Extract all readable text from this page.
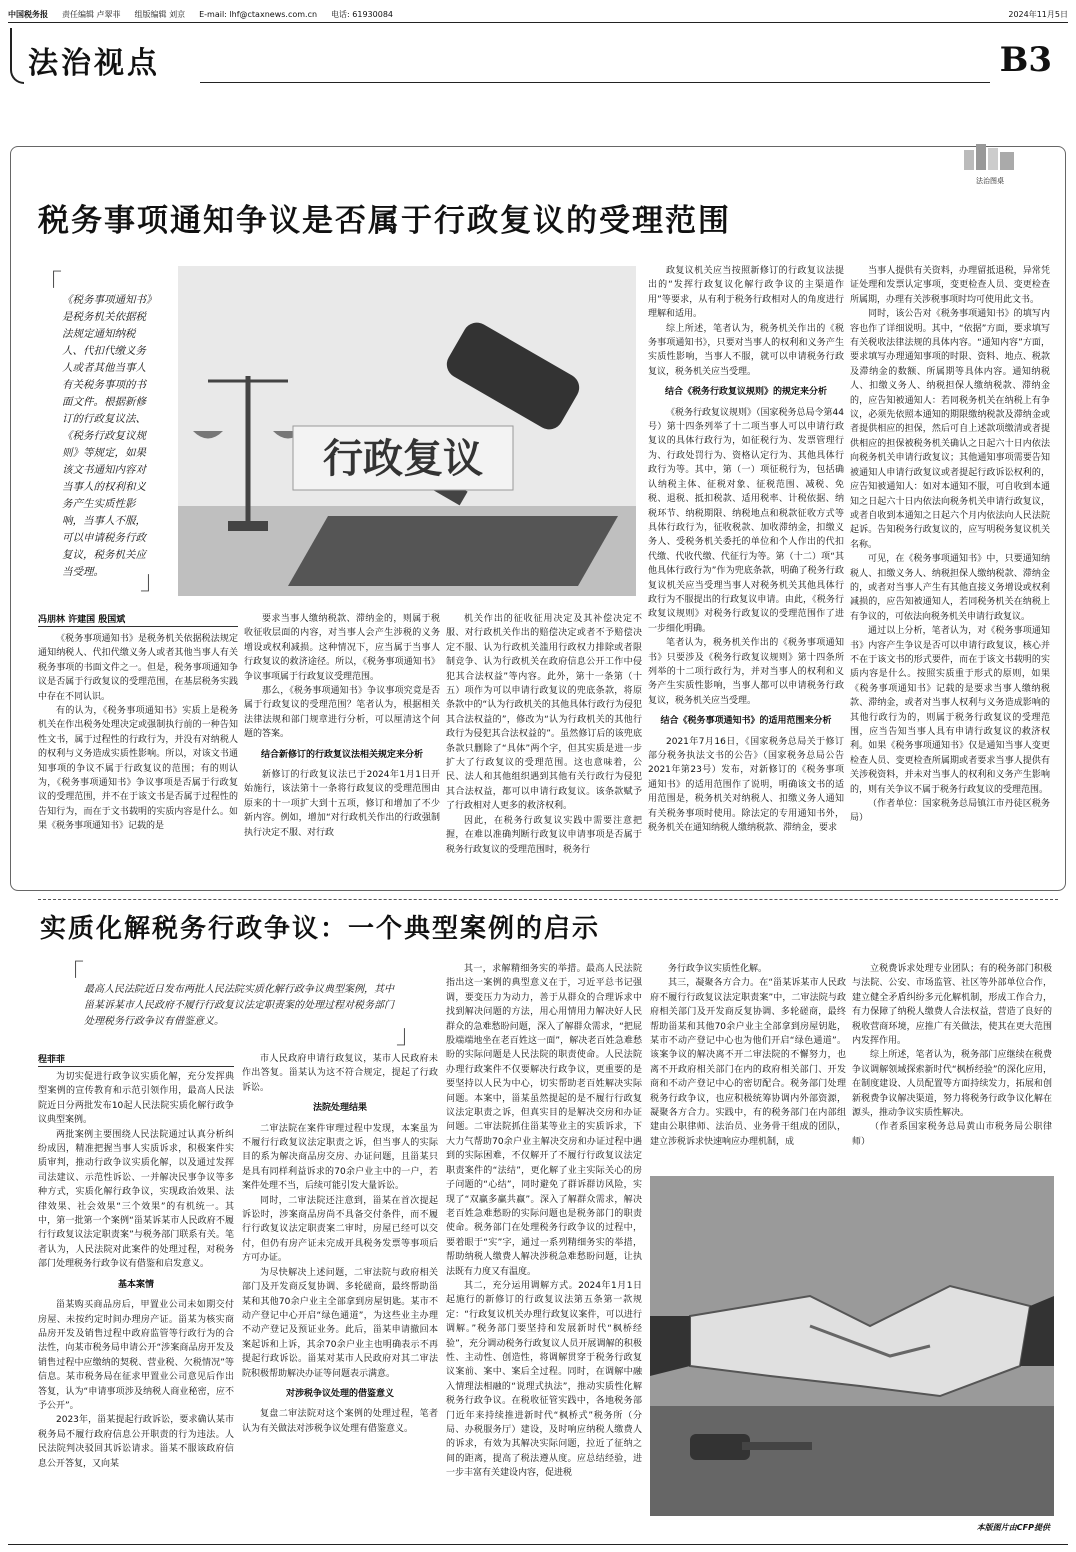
中国税务报 责任编辑 卢翠菲 组版编辑 刘京 E-mail: lhf@ctaxnews.com.cn 电话: 61930084	2024年11月5日
法治视点	B3
法治图桌
税务事项通知争议是否属于行政复议的受理范围
「 《税务事项通知书》是税务机关依据税法规定通知纳税人、代扣代缴义务人或者其他当事人有关税务事项的书面文件。根据新修订的行政复议法、《税务行政复议规则》等规定，如果该文书通知内容对当事人的权利和义务产生实质性影响，当事人不服，可以申请税务行政复议，税务机关应当受理。	」
行政复议
冯朋林 许建国 殷国斌

《税务事项通知书》是税务机关依据税法规定通知纳税人、代扣代缴义务人或者其他当事人有关税务事项的书面文件之一。但是，税务事项通知争议是否属于行政复议的受理范围，在基层税务实践中存在不同认识。

有的认为，《税务事项通知书》实质上是税务机关在作出税务处理决定或强制执行前的一种告知性文书，属于过程性的行政行为，并没有对纳税人的权利与义务造成实质性影响。所以，对该文书通知事项的争议不属于行政复议的范围；有的则认为，《税务事项通知书》争议事项是否属于行政复议的受理范围，并不在于该文书是否属于过程性的告知行为，而在于文书载明的实质内容是什么。如果《税务事项通知书》记载的是

要求当事人缴纳税款、滞纳金的，则属于税收征收层面的内容，对当事人会产生涉税的义务增设或权利减损。这种情况下，应当属于当事人行政复议的救济途径。所以，《税务事项通知书》争议事项属于行政复议受理范围。

那么，《税务事项通知书》争议事项究竟是否属于行政复议的受理范围？笔者认为，根据相关法律法规和部门规章进行分析，可以厘清这个问题的答案。

结合新修订的行政复议法相关规定来分析

新修订的行政复议法已于2024年1月1日开始施行，该法第十一条将行政复议的受理范围由原来的十一项扩大到十五项，修订和增加了不少新内容。例如，增加“对行政机关作出的行政强制执行决定不服、对行政

机关作出的征收征用决定及其补偿决定不服、对行政机关作出的赔偿决定或者不予赔偿决定不服、认为行政机关滥用行政权力排除或者限制竞争、认为行政机关在政府信息公开工作中侵犯其合法权益”等内容。此外，第十一条第（十五）项作为可以申请行政复议的兜底条款，将原条款中的“认为行政机关的其他具体行政行为侵犯其合法权益的”，修改为“认为行政机关的其他行政行为侵犯其合法权益的”。虽然修订后的该兜底条款只删除了“具体”两个字，但其实质是进一步扩大了行政复议的受理范围。这也意味着，公民、法人和其他组织遇到其他有关行政行为侵犯其合法权益，都可以申请行政复议。该条款赋予了行政相对人更多的救济权利。

因此，在税务行政复议实践中需要注意把握，在难以准确判断行政复议申请事项是否属于税务行政复议的受理范围时，税务行

政复议机关应当按照新修订的行政复议法提出的“发挥行政复议化解行政争议的主渠道作用”等要求，从有利于税务行政相对人的角度进行理解和适用。

综上所述，笔者认为，税务机关作出的《税务事项通知书》，只要对当事人的权利和义务产生实质性影响，当事人不服，就可以申请税务行政复议，税务机关应当受理。

结合《税务行政复议规则》的规定来分析

《税务行政复议规则》（国家税务总局令第44号）第十四条列举了十二项当事人可以申请行政复议的具体行政行为，如征税行为、发票管理行为、行政处罚行为、资格认定行为、其他具体行政行为等。其中，第（一）项征税行为，包括确认纳税主体、征税对象、征税范围、减税、免税、退税、抵扣税款、适用税率、计税依据、纳税环节、纳税期限、纳税地点和税款征收方式等具体行政行为，征收税款、加收滞纳金，扣缴义务人、受税务机关委托的单位和个人作出的代扣代缴、代收代缴、代征行为等。第（十二）项“其他具体行政行为”作为兜底条款，明确了税务行政复议机关应当受理当事人对税务机关其他具体行政行为不服提出的行政复议申请。由此，《税务行政复议规则》对税务行政复议的受理范围作了进一步细化明确。

笔者认为，税务机关作出的《税务事项通知书》只要涉及《税务行政复议规则》第十四条所列举的十二项行政行为，并对当事人的权利和义务产生实质性影响，当事人都可以申请税务行政复议，税务机关应当受理。

结合《税务事项通知书》的适用范围来分析

2021年7月16日，《国家税务总局关于修订部分税务执法文书的公告》（国家税务总局公告2021年第23号）发布，对新修订的《税务事项通知书》的适用范围作了说明，明确该文书的适用范围是，税务机关对纳税人、扣缴义务人通知有关税务事项时使用。除法定的专用通知书外，税务机关在通知纳税人缴纳税款、滞纳金，要求

当事人提供有关资料，办理留抵退税，异常凭证处理和发票认定事项，变更检查人员、变更检查所属期，办理有关涉税事项时均可使用此文书。

同时，该公告对《税务事项通知书》的填写内容也作了详细说明。其中，“依据”方面，要求填写有关税收法律法规的具体内容。“通知内容”方面，要求填写办理通知事项的时限、资料、地点、税款及滞纳金的数额、所属期等具体内容。通知纳税人、扣缴义务人、纳税担保人缴纳税款、滞纳金的，应告知被通知人：若同税务机关在纳税上有争议，必须先依照本通知的期限缴纳税款及滞纳金或者提供相应的担保，然后可自上述款项缴清或者提供相应的担保被税务机关确认之日起六十日内依法向税务机关申请行政复议；其他通知事项需要告知被通知人申请行政复议或者提起行政诉讼权利的，应告知被通知人：如对本通知不服，可自收到本通知之日起六十日内依法向税务机关申请行政复议，或者自收到本通知之日起六个月内依法向人民法院起诉。告知税务行政复议的，应写明税务复议机关名称。

可见，在《税务事项通知书》中，只要通知纳税人、扣缴义务人、纳税担保人缴纳税款、滞纳金的，或者对当事人产生有其他直接义务增设或权利减损的，应告知被通知人，若同税务机关在纳税上有争议的，可依法向税务机关申请行政复议。

通过以上分析，笔者认为，对《税务事项通知书》内容产生争议是否可以申请行政复议，核心并不在于该文书的形式要件，而在于该文书载明的实质内容是什么。按照实质重于形式的原则，如果《税务事项通知书》记载的是要求当事人缴纳税款、滞纳金，或者对当事人权利与义务造成影响的其他行政行为的，则属于税务行政复议的受理范围，应当告知当事人具有申请行政复议的救济权利。如果《税务事项通知书》仅是通知当事人变更检查人员、变更检查所属期或者要求当事人提供有关涉税资料，并未对当事人的权利和义务产生影响的，则有关争议不属于税务行政复议的受理范围。

（作者单位：国家税务总局镇江市丹徒区税务局）

实质化解税务行政争议：一个典型案例的启示
「 最高人民法院近日发布两批人民法院实质化解行政争议典型案例，其中甾某诉某市人民政府不履行行政复议法定职责案的处理过程对税务部门处理税务行政争议有借鉴意义。	」
程菲菲

为切实促进行政争议实质化解，充分发挥典型案例的宣传教育和示范引领作用，最高人民法院近日分两批发布10起人民法院实质化解行政争议典型案例。

两批案例主要围绕人民法院通过认真分析纠纷成因，精准把握当事人实质诉求，积极案件实质审判，推动行政争议实质化解，以及通过发挥司法建议、示范性诉讼、一并解决民事争议等多种方式，实质化解行政争议，实现政治效果、法律效果、社会效果“三个效果”的有机统一。其中，第一批第一个案例“甾某诉某市人民政府不履行行政复议法定职责案”与税务部门联系有关。笔者认为，人民法院对此案件的处理过程，对税务部门处理税务行政争议有借鉴和启发意义。

基本案情

甾某购买商品房后，甲置业公司未如期交付房屋、未按约定时间办理房产证。甾某为核实商品房开发及销售过程中政府监管等行政行为的合法性，向某市税务局申请公开“涉案商品房开发及销售过程中应缴纳的契税、营业税、欠税情况”等信息。某市税务局在征求甲置业公司意见后作出答复，认为“申请事项涉及纳税人商业秘密，应不予公开”。

2023年，甾某提起行政诉讼，要求确认某市税务局不履行政府信息公开职责的行为违法。人民法院判决驳回其诉讼请求。甾某不服该政府信息公开答复，又向某

市人民政府申请行政复议，某市人民政府未作出答复。甾某认为这不符合规定，提起了行政诉讼。

法院处理结果

二审法院在案件审理过程中发现，本案虽为不履行行政复议法定职责之诉，但当事人的实际目的系为解决商品房交房、办证问题，且甾某只是具有同样利益诉求的70余户业主中的一户，若案件处理不当，后续可能引发大量诉讼。

同时，二审法院还注意到，甾某在首次提起诉讼时，涉案商品房尚不具备交付条件，而不履行行政复议法定职责案二审时，房屋已经可以交付，但仍有房产证未完成开具税务发票等事项后方可办证。

为尽快解决上述问题，二审法院与政府相关部门及开发商反复协调、多轮磋商，最终帮助甾某和其他70余户业主全部拿到房屋钥匙。某市不动产登记中心开启“绿色通道”，为这些业主办理不动产登记及预证业务。此后，甾某申请撤回本案起诉和上诉，其余70余户业主也明确表示不再提起行政诉讼。甾某对某市人民政府对其二审法院积极帮助解决办证等问题表示满意。

对涉税争议处理的借鉴意义

复盘二审法院对这个案例的处理过程，笔者认为有关做法对涉税争议处理有借鉴意义。

其一，求解精细务实的举措。最高人民法院指出这一案例的典型意义在于，习近平总书记强调，要变压力为动力，善于从群众的合理诉求中找到解决问题的方法，用心用情用力解决好人民群众的急难愁盼问题，深入了解群众需求，“把屁股端端地坐在老百姓这一面”，解决老百姓急难愁盼的实际问题是人民法院的职责使命。人民法院办理行政案件不仅要解决行政争议，更重要的是要坚持以人民为中心，切实帮助老百姓解决实际问题。本案中，甾某虽然提起的是不履行行政复议法定职责之诉，但真实目的是解决交房和办证问题。二审法院抓住甾某等业主的实质诉求，下大力气帮助70余户业主解决交房和办证过程中遇到的实际困难，不仅解开了不履行行政复议法定职责案件的“法结”，更化解了业主实际关心的房子问题的“心结”，同时避免了群诉群访风险，实现了“双赢多赢共赢”。深入了解群众需求，解决老百姓急难愁盼的实际问题也是税务部门的职责使命。税务部门在处理税务行政争议的过程中，要着眼于“实”字，通过一系列精细务实的举措，帮助纳税人缴费人解决涉税急难愁盼问题，让执法既有力度又有温度。

其二，充分运用调解方式。2024年1月1日起施行的新修订的行政复议法第五条第一款规定：“行政复议机关办理行政复议案件，可以进行调解。”税务部门要坚持和发展新时代“枫桥经验”，充分调动税务行政复议人员开展调解的积极性、主动性、创造性，将调解贯穿于税务行政复议案前、案中、案后全过程。同时，在调解中融入情理法相融的“说理式执法”，推动实质性化解税务行政争议。在税收征管实践中，各地税务部门近年来持续推进新时代“枫桥式”税务所（分局、办税服务厅）建设，及时响应纳税人缴费人的诉求，有效为其解决实际问题，拉近了征纳之间的距离，提高了税法遵从度。应总结经验，进一步丰富有关建设内容，促进税

务行政争议实质性化解。

其三，凝聚各方合力。在“甾某诉某市人民政府不履行行政复议法定职责案”中，二审法院与政府相关部门及开发商反复协调、多轮磋商，最终帮助甾某和其他70余户业主全部拿到房屋钥匙，某市不动产登记中心也为他们开启“绿色通道”。该案争议的解决离不开二审法院的不懈努力，也离不开政府相关部门在内的政府相关部门、开发商和不动产登记中心的密切配合。税务部门处理税务行政争议，也应积极统筹协调内外部资源，凝聚各方合力。实践中，有的税务部门在内部组建由公职律师、法治员、业务骨干组成的团队，建立涉税诉求快速响应办理机制，成

立税费诉求处理专业团队；有的税务部门积极与法院、公安、市场监管、社区等外部单位合作，建立健全矛盾纠纷多元化解机制，形成工作合力，有力保障了纳税人缴费人合法权益，营造了良好的税收营商环境，应推广有关做法，使其在更大范围内发挥作用。

综上所述，笔者认为，税务部门应继续在税费争议调解领域探索新时代“枫桥经验”的深化应用，在制度建设、人员配置等方面持续发力，拓展和创新税费争议解决渠道，努力将税务行政争议化解在源头，推动争议实质性解决。

（作者系国家税务总局黄山市税务局公职律师）

本版图片由CFP提供
